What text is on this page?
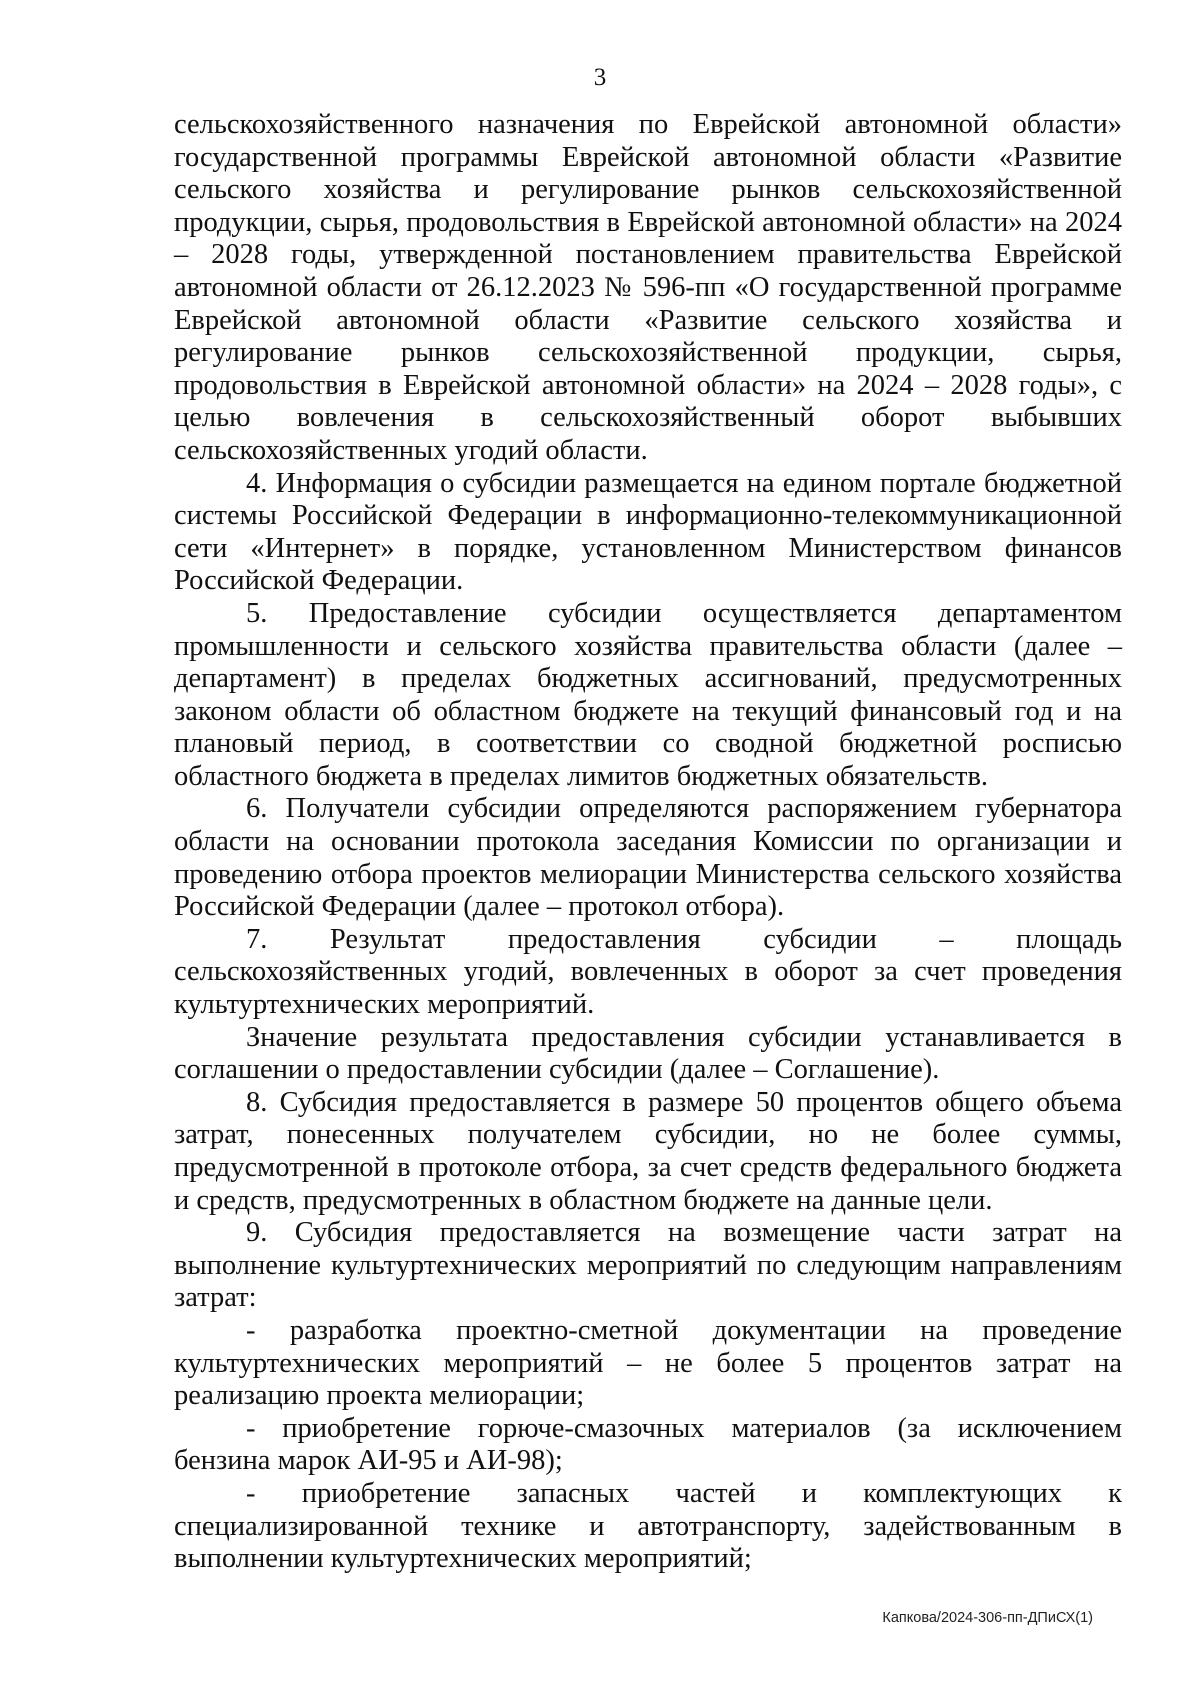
3

сельскохозяйственного назначения по Еврейской автономной области» государственной программы Еврейской автономной области «Развитие сельского хозяйства и регулирование рынков сельскохозяйственной продукции, сырья, продовольствия в Еврейской автономной области» на 2024 – 2028 годы, утвержденной постановлением правительства Еврейской автономной области от 26.12.2023 № 596-пп «О государственной программе Еврейской автономной области «Развитие сельского хозяйства и регулирование рынков сельскохозяйственной продукции, сырья, продовольствия в Еврейской автономной области» на 2024 – 2028 годы», с целью вовлечения в сельскохозяйственный оборот выбывших сельскохозяйственных угодий области.

4. Информация о субсидии размещается на едином портале бюджетной системы Российской Федерации в информационно-телекоммуникационной сети «Интернет» в порядке, установленном Министерством финансов Российской Федерации.

5. Предоставление субсидии осуществляется департаментом промышленности и сельского хозяйства правительства области (далее – департамент) в пределах бюджетных ассигнований, предусмотренных законом области об областном бюджете на текущий финансовый год и на плановый период, в соответствии со сводной бюджетной росписью областного бюджета в пределах лимитов бюджетных обязательств.

6. Получатели субсидии определяются распоряжением губернатора области на основании протокола заседания Комиссии по организации и проведению отбора проектов мелиорации Министерства сельского хозяйства Российской Федерации (далее – протокол отбора).

7. Результат предоставления субсидии – площадь сельскохозяйственных угодий, вовлеченных в оборот за счет проведения культуртехнических мероприятий.

Значение результата предоставления субсидии устанавливается в соглашении о предоставлении субсидии (далее – Соглашение).

8. Субсидия предоставляется в размере 50 процентов общего объема затрат, понесенных получателем субсидии, но не более суммы, предусмотренной в протоколе отбора, за счет средств федерального бюджета и средств, предусмотренных в областном бюджете на данные цели.

9. Субсидия предоставляется на возмещение части затрат на выполнение культуртехнических мероприятий по следующим направлениям затрат:

- разработка проектно-сметной документации на проведение культуртехнических мероприятий – не более 5 процентов затрат на реализацию проекта мелиорации;

- приобретение горюче-смазочных материалов (за исключением бензина марок АИ-95 и АИ-98);

- приобретение запасных частей и комплектующих к специализированной технике и автотранспорту, задействованным в выполнении культуртехнических мероприятий;

Капкова/2024-306-пп-ДПиСХ(1)
